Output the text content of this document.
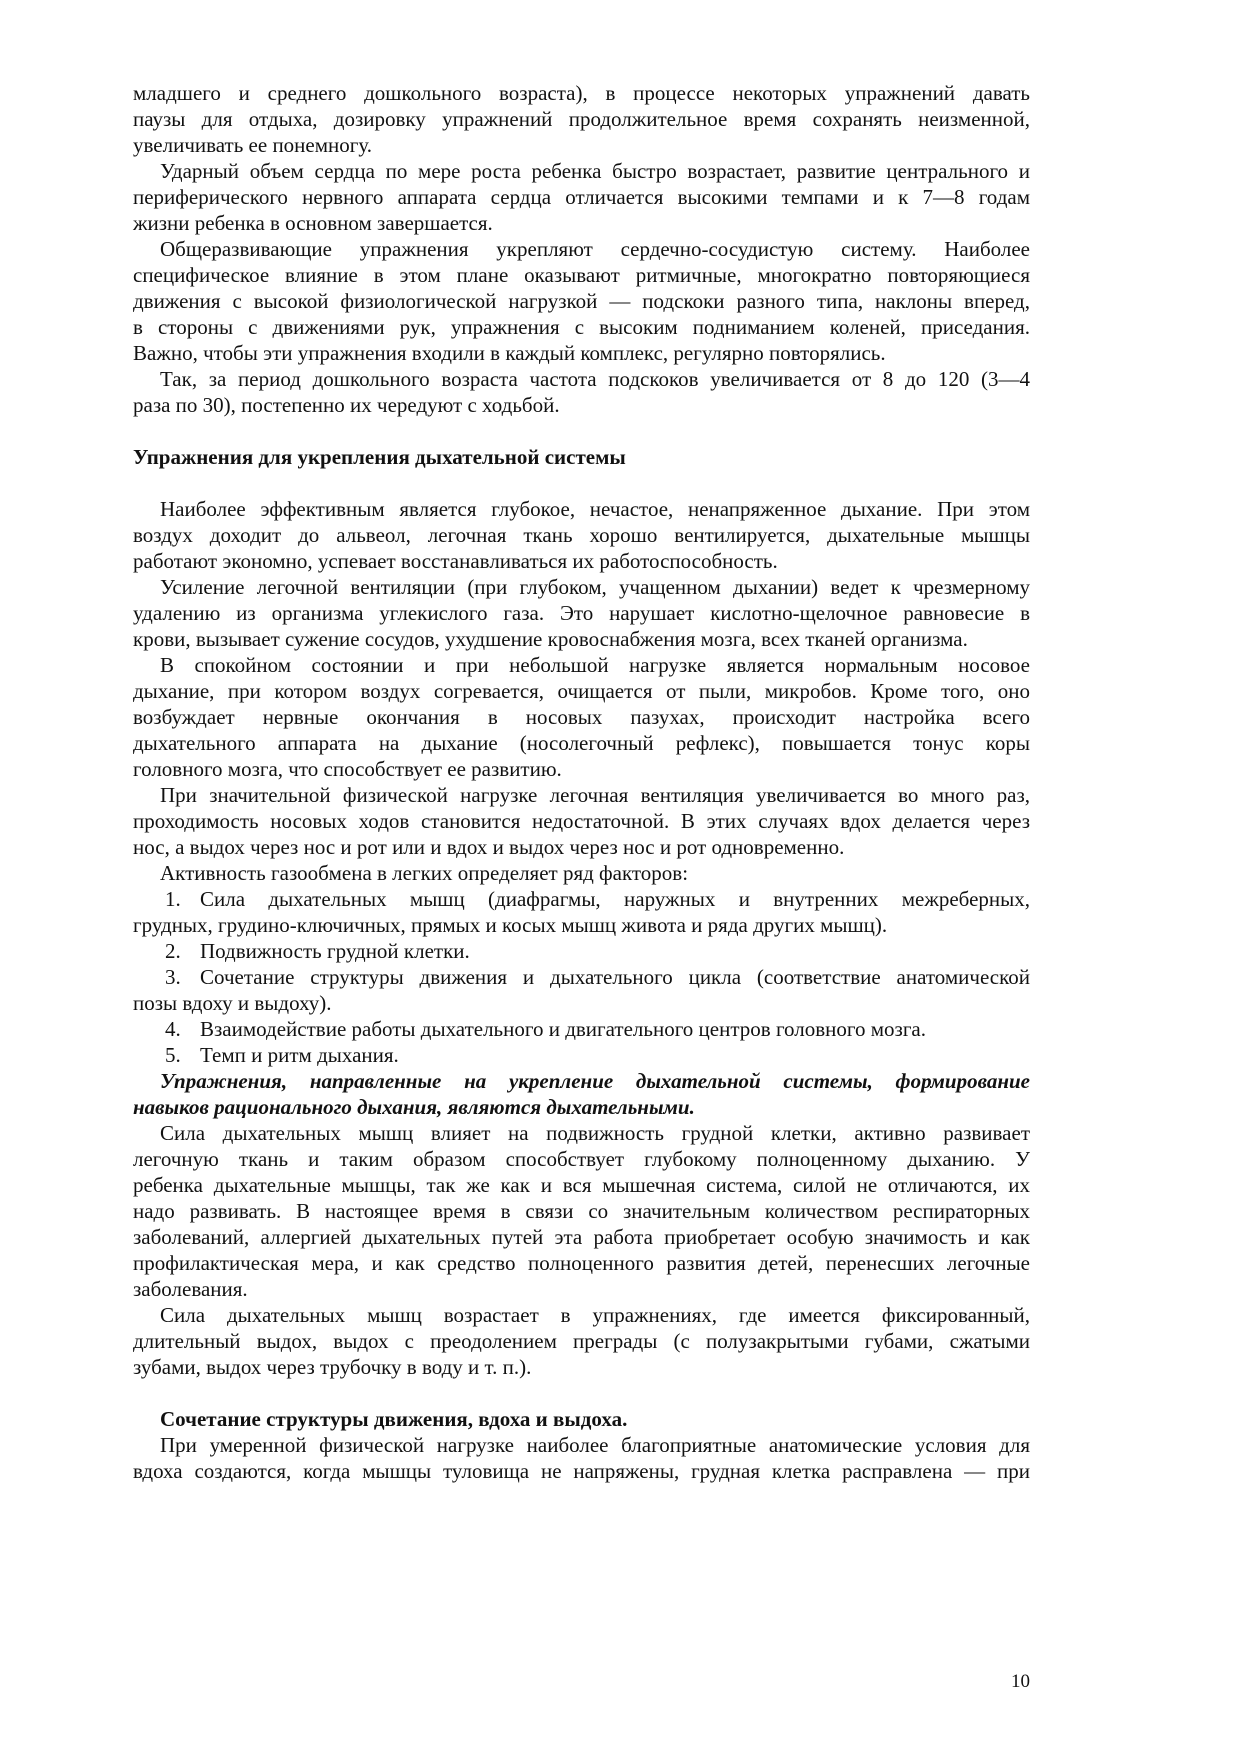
младшего и среднего дошкольного возраста), в процессе некоторых упражнений давать
паузы для отдыха, дозировку упражнений продолжительное время сохранять неизменной,
увеличивать ее понемногу.
Ударный объем сердца по мере роста ребенка быстро возрастает, развитие центрального и
периферического нервного аппарата сердца отличается высокими темпами и к 7—8 годам
жизни ребенка в основном завершается.
Общеразвивающие упражнения укрепляют сердечно-сосудистую систему. Наиболее
специфическое влияние в этом плане оказывают ритмичные, многократно повторяющиеся
движения с высокой физиологической нагрузкой — подскоки разного типа, наклоны вперед,
в стороны с движениями рук, упражнения с высоким подниманием коленей, приседания.
Важно, чтобы эти упражнения входили в каждый комплекс, регулярно повторялись.
Так, за период дошкольного возраста частота подскоков увеличивается от 8 до 120 (3—4
раза по 30), постепенно их чередуют с ходьбой.
Упражнения для укрепления дыхательной системы
Наиболее эффективным является глубокое, нечастое, ненапряженное дыхание. При этом
воздух доходит до альвеол, легочная ткань хорошо вентилируется, дыхательные мышцы
работают экономно, успевает восстанавливаться их работоспособность.
Усиление легочной вентиляции (при глубоком, учащенном дыхании) ведет к чрезмерному
удалению из организма углекислого газа. Это нарушает кислотно-щелочное равновесие в
крови, вызывает сужение сосудов, ухудшение кровоснабжения мозга, всех тканей организма.
В спокойном состоянии и при небольшой нагрузке является нормальным носовое
дыхание, при котором воздух согревается, очищается от пыли, микробов. Кроме того, оно
возбуждает нервные окончания в носовых пазухах, происходит настройка всего
дыхательного аппарата на дыхание (носолегочный рефлекс), повышается тонус коры
головного мозга, что способствует ее развитию.
При значительной физической нагрузке легочная вентиляция увеличивается во много раз,
проходимость носовых ходов становится недостаточной. В этих случаях вдох делается через
нос, а выдох через нос и рот или и вдох и выдох через нос и рот одновременно.
Активность газообмена в легких определяет ряд факторов:
1. Сила дыхательных мышц (диафрагмы, наружных и внутренних межреберных,
грудных, грудино-ключичных, прямых и косых мышц живота и ряда других мышц).
2. Подвижность грудной клетки.
3. Сочетание структуры движения и дыхательного цикла (соответствие анатомической
позы вдоху и выдоху).
4. Взаимодействие работы дыхательного и двигательного центров головного мозга.
5. Темп и ритм дыхания.
Упражнения, направленные на укрепление дыхательной системы, формирование
навыков рационального дыхания, являются дыхательными.
Сила дыхательных мышц влияет на подвижность грудной клетки, активно развивает
легочную ткань и таким образом способствует глубокому полноценному дыханию. У
ребенка дыхательные мышцы, так же как и вся мышечная система, силой не отличаются, их
надо развивать. В настоящее время в связи со значительным количеством респираторных
заболеваний, аллергией дыхательных путей эта работа приобретает особую значимость и как
профилактическая мера, и как средство полноценного развития детей, перенесших легочные
заболевания.
Сила дыхательных мышц возрастает в упражнениях, где имеется фиксированный,
длительный выдох, выдох с преодолением преграды (с полузакрытыми губами, сжатыми
зубами, выдох через трубочку в воду и т. п.).
Сочетание структуры движения, вдоха и выдоха.
При умеренной физической нагрузке наиболее благоприятные анатомические условия для
вдоха создаются, когда мышцы туловища не напряжены, грудная клетка расправлена — при
10
